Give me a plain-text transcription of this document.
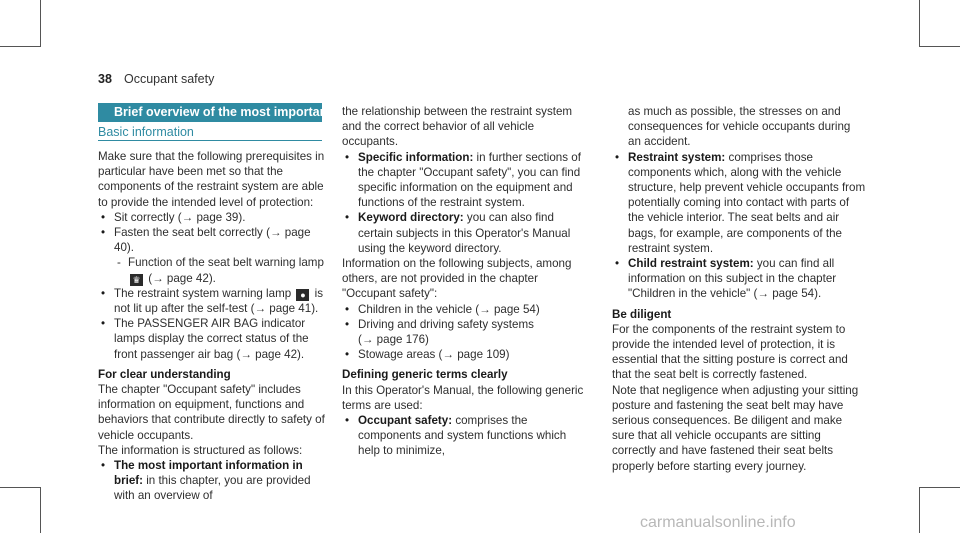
38 Occupant safety
Brief overview of the most important points
Basic information

Make sure that the following prerequisites in particular have been met so that the components of the restraint system are able to provide the intended level of protection:

• Sit correctly (→ page 39).

• Fasten the seat belt correctly (→ page 40).

- Function of the seat belt warning lamp

♛ (→ page 42).

• The restraint system warning lamp ● is not lit up after the self-test (→ page 41).

• The PASSENGER AIR BAG indicator lamps display the correct status of the front passenger air bag (→ page 42).

For clear understanding

The chapter "Occupant safety" includes information on equipment, functions and behaviors that contribute directly to safety of vehicle occupants.

The information is structured as follows:

• The most important information in brief: in this chapter, you are provided with an overview of

the relationship between the restraint system and the correct behavior of all vehicle occupants.

• Specific information: in further sections of the chapter "Occupant safety", you can find specific information on the equipment and functions of the restraint system.

• Keyword directory: you can also find certain subjects in this Operator's Manual using the keyword directory.

Information on the following subjects, among others, are not provided in the chapter "Occupant safety":

• Children in the vehicle (→ page 54)

• Driving and driving safety systems
(→ page 176)

• Stowage areas (→ page 109)

Defining generic terms clearly

In this Operator's Manual, the following generic terms are used:

• Occupant safety: comprises the components and system functions which help to minimize,

as much as possible, the stresses on and consequences for vehicle occupants during an accident.

• Restraint system: comprises those components which, along with the vehicle structure, help prevent vehicle occupants from potentially coming into contact with parts of the vehicle interior. The seat belts and air bags, for example, are components of the restraint system.

• Child restraint system: you can find all information on this subject in the chapter "Children in the vehicle" (→ page 54).

Be diligent

For the components of the restraint system to provide the intended level of protection, it is essential that the sitting posture is correct and that the seat belt is correctly fastened.

Note that negligence when adjusting your sitting posture and fastening the seat belt may have serious consequences. Be diligent and make sure that all vehicle occupants are sitting correctly and have fastened their seat belts properly before starting every journey.

carmanualsonline.info
